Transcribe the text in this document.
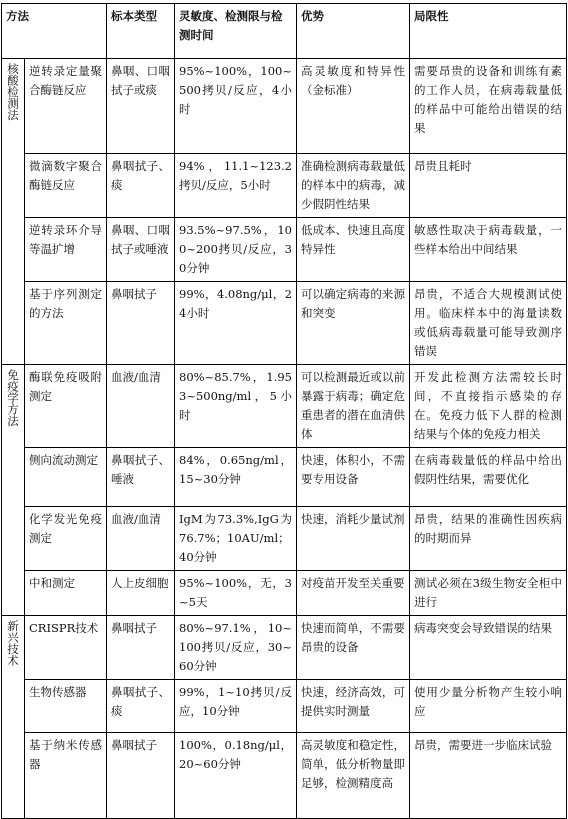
方法		标本类型	灵敏度、检测限与检测时间	优势	局限性
核酸检测法	逆转录定量聚合酶链反应	鼻咽、口咽拭子或痰	95%~100%，100~500拷贝/反应，4小时	高灵敏度和特异性（金标准）	需要昂贵的设备和训练有素的工作人员，在病毒载量低的样品中可能给出错误的结果
	微滴数字聚合酶链反应	鼻咽拭子、痰	94%，11.1~123.2拷贝/反应，5小时	准确检测病毒载量低的样本中的病毒，减少假阴性结果	昂贵且耗时
	逆转录环介导等温扩增	鼻咽、口咽拭子或唾液	93.5%~97.5%，100~200拷贝/反应，30分钟	低成本、快速且高度特异性	敏感性取决于病毒载量，一些样本给出中间结果
	基于序列测定的方法	鼻咽拭子	99%，4.08ng/μl，24小时	可以确定病毒的来源和突变	昂贵，不适合大规模测试使用。临床样本中的海量读数或低病毒载量可能导致测序错误
免疫学方法	酶联免疫吸附测定	血液/血清	80%~85.7%，1.953~500ng/ml，5小时	可以检测最近或以前暴露于病毒；确定危重患者的潜在血清供体	开发此检测方法需较长时间，不直接指示感染的存在。免疫力低下人群的检测结果与个体的免疫力相关
	侧向流动测定	鼻咽拭子、唾液	84%，0.65ng/ml，15~30分钟	快速，体积小，不需要专用设备	在病毒载量低的样品中给出假阴性结果，需要优化
	化学发光免疫测定	血液/血清	IgM为73.3%,IgG为76.7%；10AU/ml；40分钟	快速，消耗少量试剂	昂贵，结果的准确性因疾病的时期而异
	中和测定	人上皮细胞	95%~100%，无，3~5天	对疫苗开发至关重要	测试必须在3级生物安全柜中进行
新兴技术	CRISPR技术	鼻咽拭子	80%~97.1%，10~100拷贝/反应，30~60分钟	快速而简单，不需要昂贵的设备	病毒突变会导致错误的结果
	生物传感器	鼻咽拭子、痰	99%，1~10拷贝/反应，10分钟	快速，经济高效，可提供实时测量	使用少量分析物产生较小响应
	基于纳米传感器	鼻咽拭子	100%，0.18ng/μl，20~60分钟	高灵敏度和稳定性，简单，低分析物量即足够，检测精度高	昂贵，需要进一步临床试验
